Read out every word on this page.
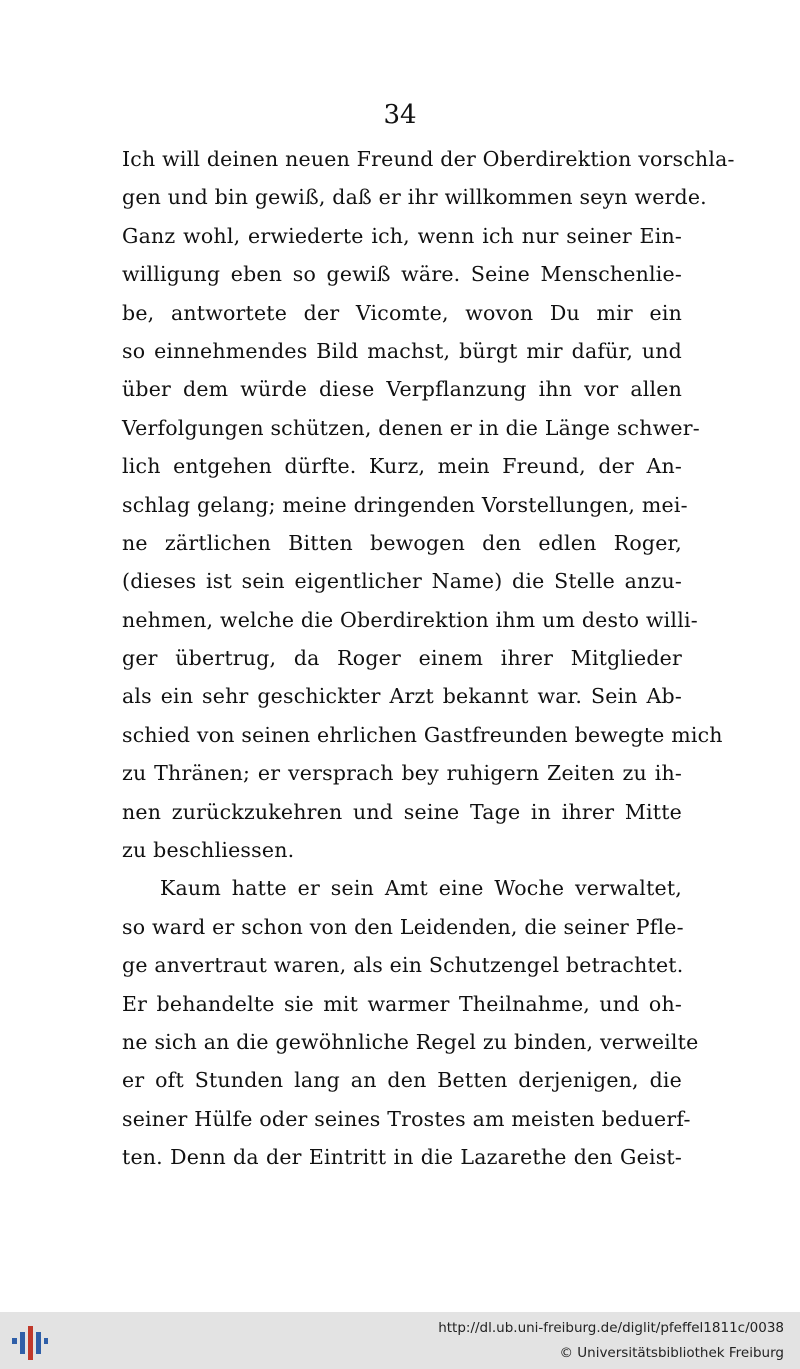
34
Ich will deinen neuen Freund der Oberdirektion vorschla-
gen und bin gewiß, daß er ihr willkommen seyn werde.
Ganz wohl, erwiederte ich, wenn ich nur seiner Ein-
willigung eben so gewiß wäre. Seine Menschenlie-
be, antwortete der Vicomte, wovon Du mir ein
so einnehmendes Bild machst, bürgt mir dafür, und
über dem würde diese Verpflanzung ihn vor allen
Verfolgungen schützen, denen er in die Länge schwer-
lich entgehen dürfte. Kurz, mein Freund, der An-
schlag gelang; meine dringenden Vorstellungen, mei-
ne zärtlichen Bitten bewogen den edlen Roger,
(dieses ist sein eigentlicher Name) die Stelle anzu-
nehmen, welche die Oberdirektion ihm um desto willi-
ger übertrug, da Roger einem ihrer Mitglieder
als ein sehr geschickter Arzt bekannt war. Sein Ab-
schied von seinen ehrlichen Gastfreunden bewegte mich
zu Thränen; er versprach bey ruhigern Zeiten zu ih-
nen zurückzukehren und seine Tage in ihrer Mitte
zu beschliessen.
Kaum hatte er sein Amt eine Woche verwaltet,
so ward er schon von den Leidenden, die seiner Pfle-
ge anvertraut waren, als ein Schutzengel betrachtet.
Er behandelte sie mit warmer Theilnahme, und oh-
ne sich an die gewöhnliche Regel zu binden, verweilte
er oft Stunden lang an den Betten derjenigen, die
seiner Hülfe oder seines Trostes am meisten beduerf-
ten. Denn da der Eintritt in die Lazarethe den Geist-
http://dl.ub.uni-freiburg.de/diglit/pfeffel1811c/0038
© Universitätsbibliothek Freiburg
